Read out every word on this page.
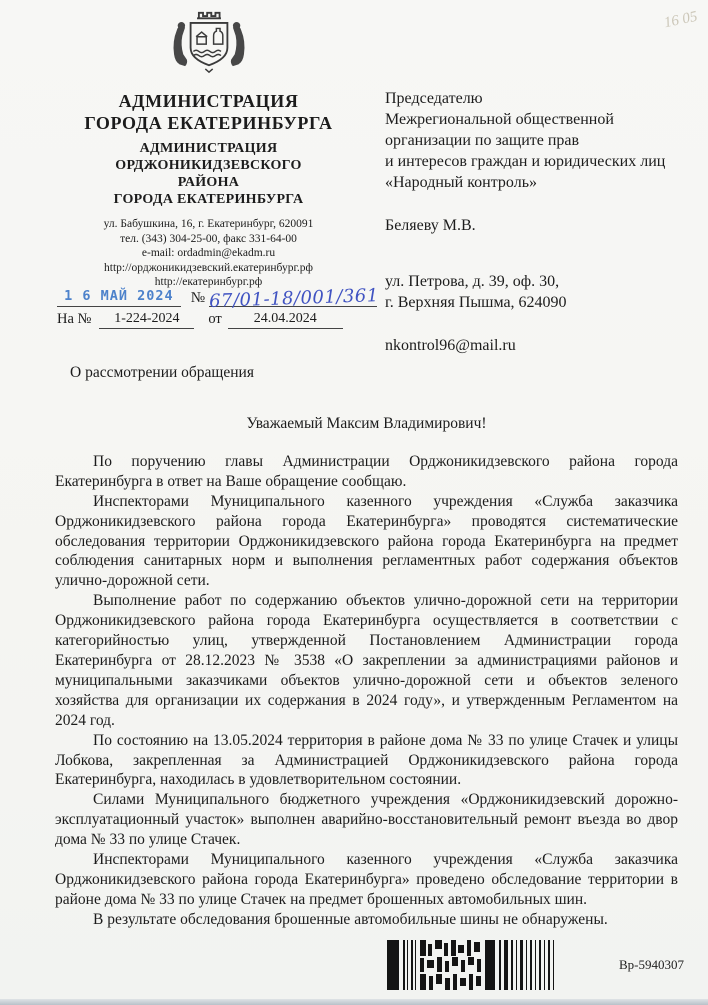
16 05
АДМИНИСТРАЦИЯ
ГОРОДА ЕКАТЕРИНБУРГА
АДМИНИСТРАЦИЯ
ОРДЖОНИКИДЗЕВСКОГО
РАЙОНА
ГОРОДА ЕКАТЕРИНБУРГА
ул. Бабушкина, 16, г. Екатеринбург, 620091
тел. (343) 304-25-00, факс 331-64-00
e-mail: ordadmin@ekadm.ru
http://орджоникидзевский.екатеринбург.рф
http://екатеринбург.рф
1 6 МАЙ 2024	№ 67/01-18/001/361
На №	1-224-2024	от	24.04.2024
Председателю
Межрегиональной общественной
организации по защите прав
и интересов граждан и юридических лиц
«Народный контроль»
Беляеву М.В.
ул. Петрова, д. 39, оф. 30,
г. Верхняя Пышма, 624090
nkontrol96@mail.ru
О рассмотрении обращения
Уважаемый Максим Владимирович!

По поручению главы Администрации Орджоникидзевского района города Екатеринбурга в ответ на Ваше обращение сообщаю.

Инспекторами Муниципального казенного учреждения «Служба заказчика Орджоникидзевского района города Екатеринбурга» проводятся систематические обследования территории Орджоникидзевского района города Екатеринбурга на предмет соблюдения санитарных норм и выполнения регламентных работ содержания объектов улично-дорожной сети.

Выполнение работ по содержанию объектов улично-дорожной сети на территории Орджоникидзевского района города Екатеринбурга осуществляется в соответствии с категорийностью улиц, утвержденной Постановлением Администрации города Екатеринбурга от 28.12.2023 № 3538 «О закреплении за администрациями районов и муниципальными заказчиками объектов улично-дорожной сети и объектов зеленого хозяйства для организации их содержания в 2024 году», и утвержденным Регламентом на 2024 год.

По состоянию на 13.05.2024 территория в районе дома № 33 по улице Стачек и улицы Лобкова, закрепленная за Администрацией Орджоникидзевского района города Екатеринбурга, находилась в удовлетворительном состоянии.

Силами Муниципального бюджетного учреждения «Орджоникидзевский дорожно-эксплуатационный участок» выполнен аварийно-восстановительный ремонт въезда во двор дома № 33 по улице Стачек.

Инспекторами Муниципального казенного учреждения «Служба заказчика Орджоникидзевского района города Екатеринбурга» проведено обследование территории в районе дома № 33 по улице Стачек на предмет брошенных автомобильных шин.

В результате обследования брошенные автомобильные шины не обнаружены.

Вр-5940307
